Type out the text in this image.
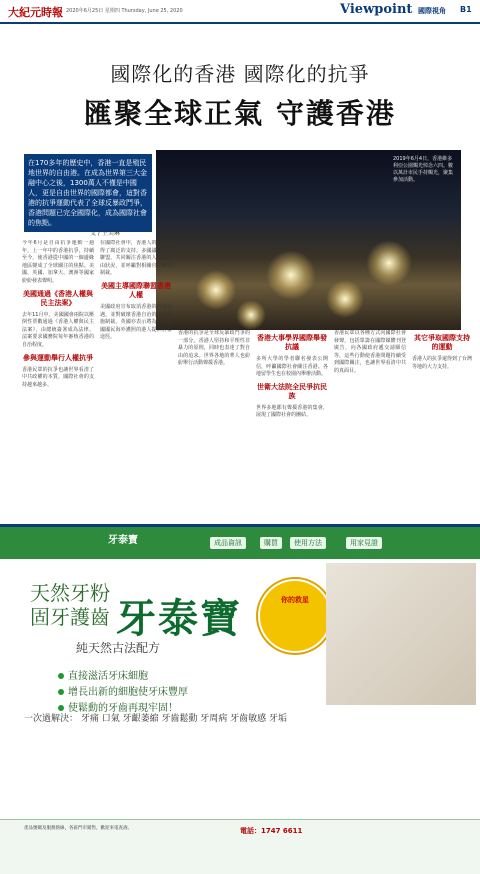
大紀元時報 2020年6月25日 星期四 Thursday, June 25, 2020	Viewpoint 國際視角 B1
國際化的香港 國際化的抗爭
匯聚全球正氣 守護香港
在170多年的歷史中，香港一直是殖民地世界的自由港。在成為世界第三大金融中心之後，1300萬人不僅是中國人，更是自由世界的國際都會，這對香港的抗爭運動代表了全球反暴政鬥爭，香港問題已完全國際化，成為國際社會的焦點。
2019年6月4日，香港維多利亞公園燭光悼念六四。數以萬計市民手持燭光，聚集參加活動。
文 / 王美琳
今年6月是自由抗爭運動一週年，上一年中的香港抗爭，持續至今，使香港從中國的一個邊緣地區變成了全球關注的焦點。美國、英國、加拿大、澳洲等國家紛紛發表聲明。
美國通過《香港人權與民主法案》
去年11月中，美國國會兩院以壓倒性票數通過《香港人權與民主法案》，由總統簽署成為法律。法案要求國務院每年審核香港的自治程度。
參與運動舉行人權抗爭
香港民眾的抗爭也讓世界看清了中共政權的本質，國際社會的支持越來越多。
在國際社會中，香港人的抗爭獲得了廣泛的支持。多國議員組成聯盟，共同關注香港的人權和自由狀況，並呼籲對相關官員實施制裁。
美國主導國際聯盟香港人權
美國政府宣布取消香港的特殊待遇，並對破壞香港自治的官員實施制裁。英國亦表示將為持有英國國民海外護照的港人提供居留途徑。
香港的抗爭是全球反暴政鬥爭的一部分。香港人堅持和平理性非暴力的原則，同時也表達了對自由的追求。世界各地的華人也紛紛舉行活動聲援香港。
香港大事學界國際舉發抗議
多所大學的學者聯名發表公開信，呼籲國際社會關注香港。各地留學生也在校園內舉辦活動。
世衛大法院全民爭抗民族
世界多地都有聲援香港的集會，展現了國際社會的團結。
香港民眾以各種方式向國際社會發聲，包括眾籌在國際媒體刊登廣告，向各國政府遞交請願信等。這些行動使香港問題持續受到國際關注，也讓世界看清中共的真面目。
其它爭取國際支持的運動
香港人的抗爭還得到了台灣等地的大力支持。
牙泰寶	成品資訊	購買	使用方法	用家見證
天然牙粉
固牙護齒 牙泰寶
純天然古法配方
直接滋活牙床細胞
增長出新的細胞使牙床豐厚
使鬆動的牙齒再現牢固！
你的救星
一次過解決： 牙痛 口氣 牙齦萎縮 牙齒鬆動 牙周病 牙齒敏感 牙垢
產品號碼及服務熱線，各區門市銷售，歡迎來電查詢。	電話：1747 6611
